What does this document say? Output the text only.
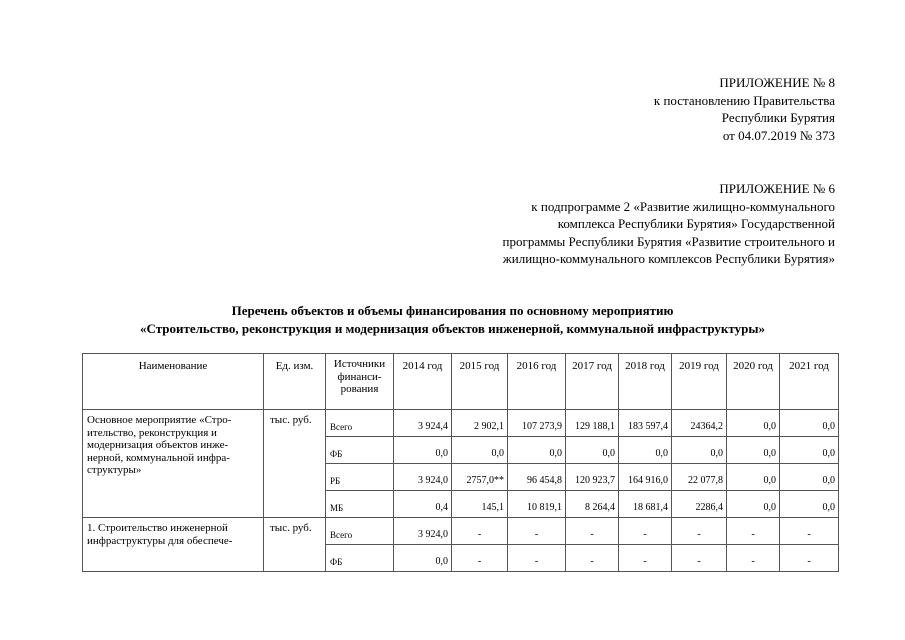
ПРИЛОЖЕНИЕ № 8
к постановлению Правительства
Республики Бурятия
от 04.07.2019 № 373
ПРИЛОЖЕНИЕ № 6
к подпрограмме 2 «Развитие жилищно-коммунального
комплекса Республики Бурятия» Государственной
программы Республики Бурятия «Развитие строительного и
жилищно-коммунального комплексов Республики Бурятия»
Перечень объектов и объемы финансирования по основному мероприятию
«Строительство, реконструкция и модернизация объектов инженерной, коммунальной инфраструктуры»
Наименование	Ед. изм.	Источники финанси-рования	2014 год	2015 год	2016 год	2017 год	2018 год	2019 год	2020 год	2021 год
Основное мероприятие «Стро-ительство, реконструкция и модернизация объектов инже-нерной, коммунальной инфра-структуры»	тыс. руб.	Всего	3 924,4	2 902,1	107 273,9	129 188,1	183 597,4	24364,2	0,0	0,0
		ФБ	0,0	0,0	0,0	0,0	0,0	0,0	0,0	0,0
		РБ	3 924,0	2757,0**	96 454,8	120 923,7	164 916,0	22 077,8	0,0	0,0
		МБ	0,4	145,1	10 819,1	8 264,4	18 681,4	2286,4	0,0	0,0
1. Строительство инженерной инфраструктуры для обеспече-	тыс. руб.	Всего	3 924,0	-	-	-	-	-	-	-
		ФБ	0,0	-	-	-	-	-	-	-
